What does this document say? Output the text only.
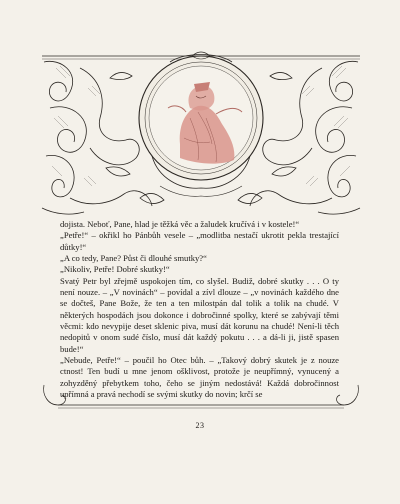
dojista. Neboť, Pane, hlad je těžká věc a žaludek kručívá i v kostele!“

„Petře!“ – okřikl ho Pánbůh vesele – „modlitba nestačí ukrotit pekla trestající důtky!“

„A co tedy, Pane? Půst či dlouhé smutky?“

„Nikoliv, Petře! Dobré skutky!“

Svatý Petr byl zřejmě uspokojen tím, co slyšel. Budiž, dobré skutky . . . O ty není nouze. – „V novinách“ – povídal a zívl dlouze – „v novinách každého dne se dočteš, Pane Bože, že ten a ten milostpán dal tolik a tolik na chudé. V některých hospodách jsou dokonce i dobročinné spolky, které se zabývají těmi věcmi: kdo nevypije deset sklenic piva, musí dát korunu na chudé! Není-li těch nedopitů v onom sudé číslo, musí dát každý pokutu . . . a dá-li ji, jistě spasen bude!“

„Nebude, Petře!“ – poučil ho Otec bůh. – „Takový dobrý skutek je z nouze ctnost! Ten budí u mne jenom ošklivost, protože je neupřímný, vynucený a zohyzděný přebytkem toho, čeho se jiným nedostává! Každá dobročinnost upřímná a pravá nechodí se svými skutky do novin; krčí se

23
